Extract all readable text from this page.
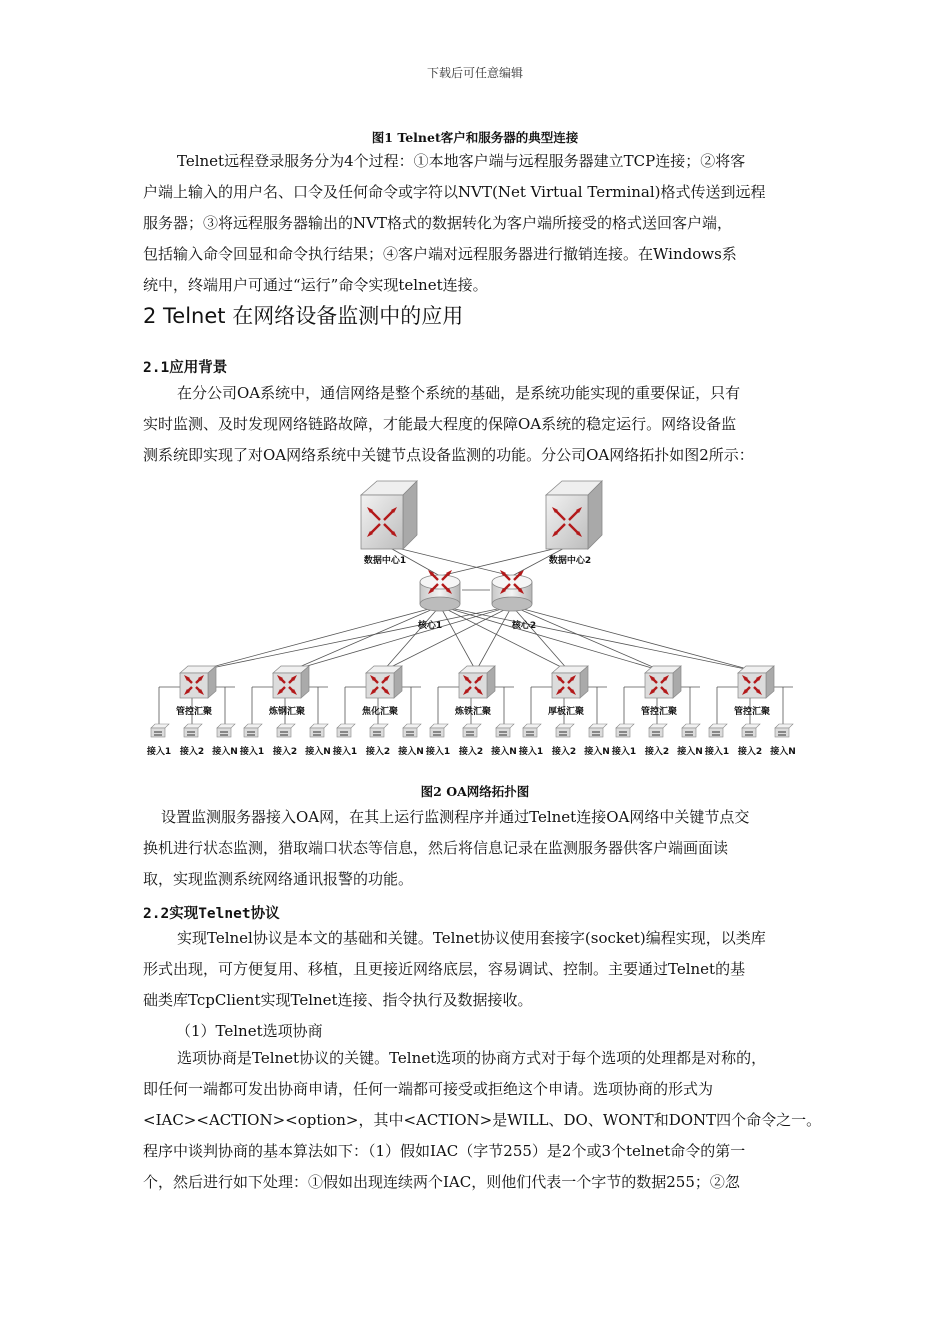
下载后可任意编辑
图1 Telnet客户和服务器的典型连接
Telnet远程登录服务分为4个过程：①本地客户端与远程服务器建立TCP连接；②将客
户端上输入的用户名、口令及任何命令或字符以NVT(Net Virtual Terminal)格式传送到远程
服务器；③将远程服务器输出的NVT格式的数据转化为客户端所接受的格式送回客户端，
包括输入命令回显和命令执行结果；④客户端对远程服务器进行撤销连接。在Windows系
统中，终端用户可通过“运行”命令实现telnet连接。
2 Telnet 在网络设备监测中的应用
2.1应用背景
在分公司OA系统中，通信网络是整个系统的基础，是系统功能实现的重要保证，只有
实时监测、及时发现网络链路故障，才能最大程度的保障OA系统的稳定运行。网络设备监
测系统即实现了对OA网络系统中关键节点设备监测的功能。分公司OA网络拓扑如图2所示：
数据中心1	数据中心2
核心1	核心2
管控汇聚
接入1 接入2 接入N
炼钢汇聚
接入1 接入2 接入N
焦化汇聚
接入1 接入2 接入N
炼铁汇聚
接入1 接入2 接入N
厚板汇聚
接入1 接入2 接入N
管控汇聚
接入1 接入2 接入N
管控汇聚
接入1 接入2 接入N
图2 OA网络拓扑图
设置监测服务器接入OA网，在其上运行监测程序并通过Telnet连接OA网络中关键节点交
换机进行状态监测，猎取端口状态等信息，然后将信息记录在监测服务器供客户端画面读
取，实现监测系统网络通讯报警的功能。
2.2实现Telnet协议
实现Telnel协议是本文的基础和关键。Telnet协议使用套接字(socket)编程实现，以类库
形式出现，可方便复用、移植，且更接近网络底层，容易调试、控制。主要通过Telnet的基
础类库TcpClient实现Telnet连接、指令执行及数据接收。
（1）Telnet选项协商
选项协商是Telnet协议的关键。Telnet选项的协商方式对于每个选项的处理都是对称的，
即任何一端都可发出协商申请，任何一端都可接受或拒绝这个申请。选项协商的形式为
<IAC><ACTION><option>，其中<ACTION>是WILL、DO、WONT和DONT四个命令之一。
程序中谈判协商的基本算法如下：（1）假如IAC（字节255）是2个或3个telnet命令的第一
个，然后进行如下处理：①假如出现连续两个IAC，则他们代表一个字节的数据255；②忽
